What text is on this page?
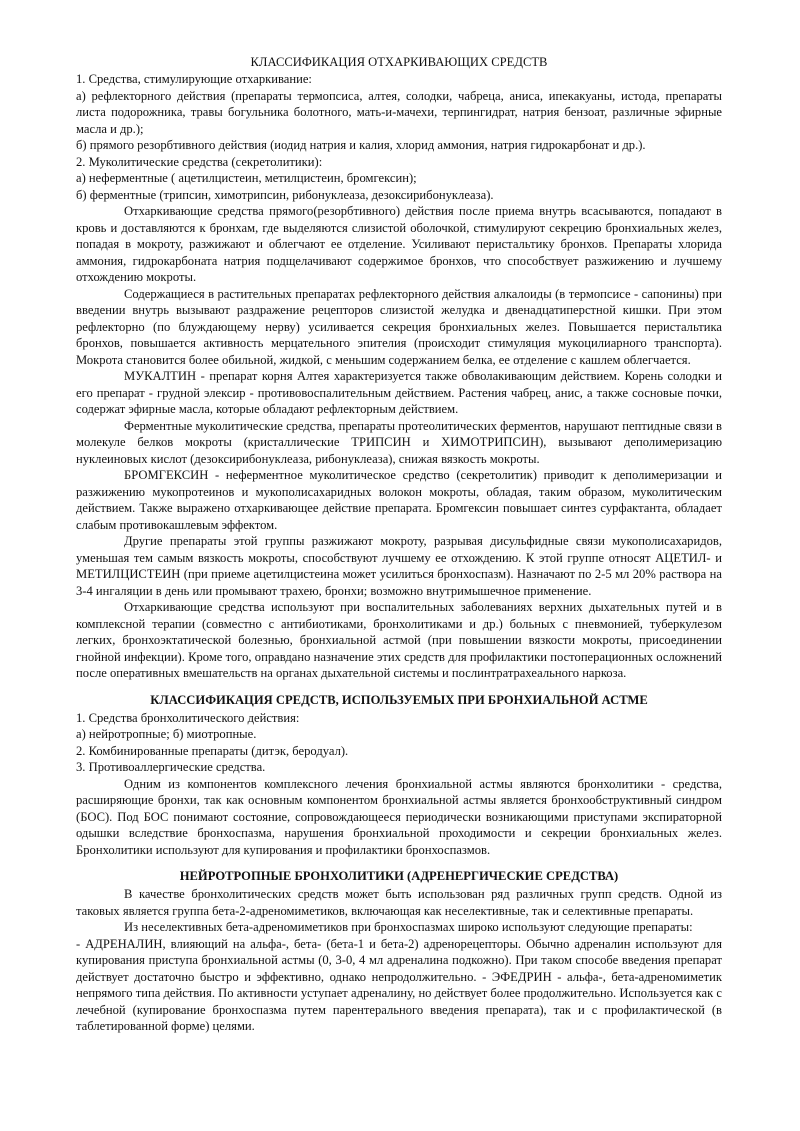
КЛАССИФИКАЦИЯ ОТХАРКИВАЮЩИХ СРЕДСТВ

1. Средства, стимулирующие отхаркивание:

а) рефлекторного действия (препараты термопсиса, алтея, солодки, чабреца, аниса, ипекакуаны, истода, препараты листа подорожника, травы богульника болотного, мать-и-мачехи, терпингидрат, натрия бензоат, различные эфирные масла и др.);

б) прямого резорбтивного действия (иодид натрия и калия, хлорид аммония, натрия гидрокарбонат и др.).

2. Муколитические средства (секретолитики):

а) неферментные ( ацетилцистеин, метилцистеин, бромгексин);

б) ферментные (трипсин, химотрипсин, рибонуклеаза, дезоксирибонуклеаза).

Отхаркивающие средства прямого(резорбтивного) действия после приема внутрь всасываются, попадают в кровь и доставляются к бронхам, где выделяются слизистой оболочкой, стимулируют секрецию бронхиальных желез, попадая в мокроту, разжижают и облегчают ее отделение. Усиливают перистальтику бронхов. Препараты хлорида аммония, гидрокарбоната натрия подщелачивают содержимое бронхов, что способствует разжижению и лучшему отхождению мокроты.

Содержащиеся в растительных препаратах рефлекторного действия алкалоиды (в термопсисе - сапонины) при введении внутрь вызывают раздражение рецепторов слизистой желудка и двенадцатиперстной кишки. При этом рефлекторно (по блуждающему нерву) усиливается секреция бронхиальных желез. Повышается перистальтика бронхов, повышается активность мерцательного эпителия (происходит стимуляция мукоцилиарного транспорта). Мокрота становится более обильной, жидкой, с меньшим содержанием белка, ее отделение с кашлем облегчается.

МУКАЛТИН - препарат корня Алтея характеризуется также обволакивающим действием. Корень солодки и его препарат - грудной элексир - противовоспалительным действием. Растения чабрец, анис, а также сосновые почки, содержат эфирные масла, которые обладают рефлекторным действием.

Ферментные муколитические средства, препараты протеолитических ферментов, нарушают пептидные связи в молекуле белков мокроты (кристаллические ТРИПСИН и ХИМОТРИПСИН), вызывают деполимеризацию нуклеиновых кислот (дезоксирибонуклеаза, рибонуклеаза), снижая вязкость мокроты.

БРОМГЕКСИН - неферментное муколитическое средство (секретолитик) приводит к деполимеризации и разжижению мукопротеинов и мукополисахаридных волокон мокроты, обладая, таким образом, муколитическим действием. Также выражено отхаркивающее действие препарата. Бромгексин повышает синтез сурфактанта, обладает слабым противокашлевым эффектом.

Другие препараты этой группы разжижают мокроту, разрывая дисульфидные связи мукополисахаридов, уменьшая тем самым вязкость мокроты, способствуют лучшему ее отхождению. К этой группе относят АЦЕТИЛ- и МЕТИЛЦИСТЕИН (при приеме ацетилцистеина может усилиться бронхоспазм). Назначают по 2-5 мл 20% раствора на 3-4 ингаляции в день или промывают трахею, бронхи; возможно внутримышечное применение.

Отхаркивающие средства используют при воспалительных заболеваниях верхних дыхательных путей и в комплексной терапии (совместно с антибиотиками, бронхолитиками и др.) больных с пневмонией, туберкулезом легких, бронхоэктатической болезнью, бронхиальной астмой (при повышении вязкости мокроты, присоединении гнойной инфекции). Кроме того, оправдано назначение этих средств для профилактики постоперационных осложнений после оперативных вмешательств на органах дыхательной системы и послинтратрахеального наркоза.

КЛАССИФИКАЦИЯ СРЕДСТВ, ИСПОЛЬЗУЕМЫХ ПРИ БРОНХИАЛЬНОЙ АСТМЕ

1. Средства бронхолитического действия:

а) нейротропные; б) миотропные.

2. Комбинированные препараты (дитэк, беродуал).

3. Противоаллергические средства.

Одним из компонентов комплексного лечения бронхиальной астмы являются бронхолитики - средства, расширяющие бронхи, так как основным компонентом бронхиальной астмы является бронхообструктивный синдром (БОС). Под БОС понимают состояние, сопровождающееся периодически возникающими приступами экспираторной одышки вследствие бронхоспазма, нарушения бронхиальной проходимости и секреции бронхиальных желез. Бронхолитики используют для купирования и профилактики бронхоспазмов.

НЕЙРОТРОПНЫЕ БРОНХОЛИТИКИ (АДРЕНЕРГИЧЕСКИЕ СРЕДСТВА)

В качестве бронхолитических средств может быть использован ряд различных групп средств. Одной из таковых является группа бета-2-адреномиметиков, включающая как неселективные, так и селективные препараты.

Из неселективных бета-адреномиметиков при бронхоспазмах широко используют следующие препараты:

- АДРЕНАЛИН, влияющий на альфа-, бета- (бета-1 и бета-2) адренорецепторы. Обычно адреналин используют для купирования приступа бронхиальной астмы (0, 3-0, 4 мл адреналина подкожно). При таком способе введения препарат действует достаточно быстро и эффективно, однако непродолжительно. - ЭФЕДРИН - альфа-, бета-адреномиметик непрямого типа действия. По активности уступает адреналину, но действует более продолжительно. Используется как с лечебной (купирование бронхоспазма путем парентерального введения препарата), так и с профилактической (в таблетированной форме) целями.
